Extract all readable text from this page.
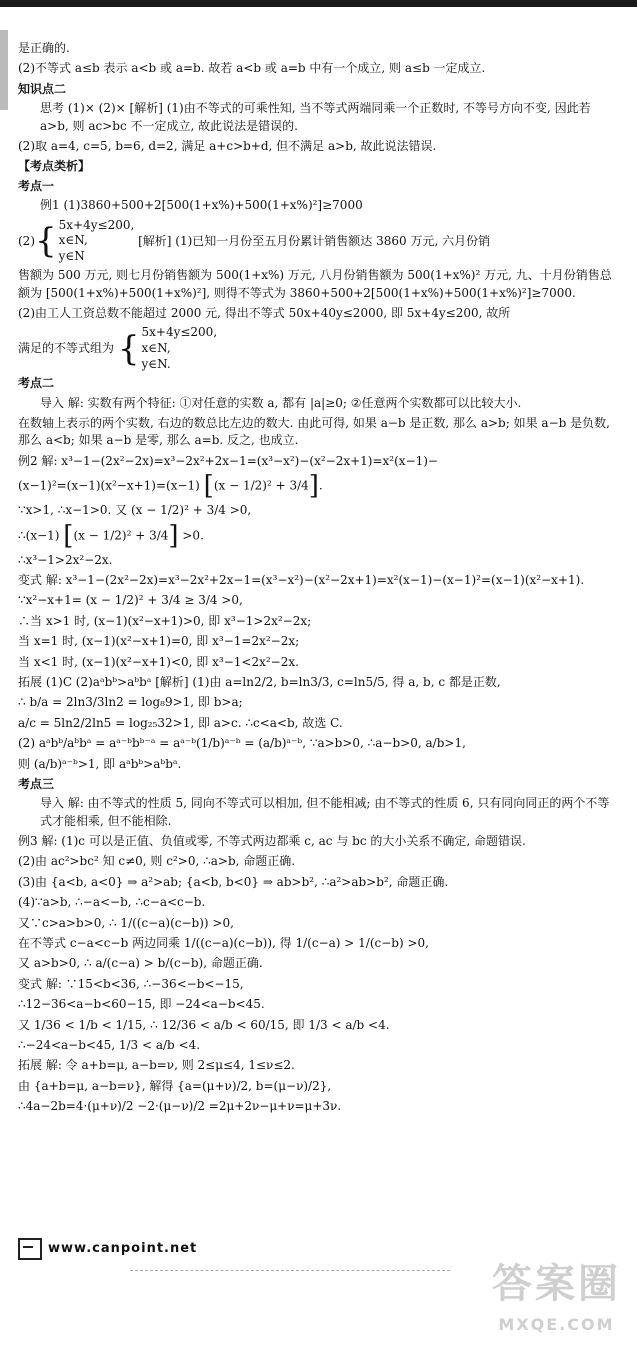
是正确的.
(2)不等式 a≤b 表示 a<b 或 a=b. 故若 a<b 或 a=b 中有一个成立, 则 a≤b 一定成立.
知识点二
思考 (1)× (2)× [解析] (1)由不等式的可乘性知, 当不等式两端同乘一个正数时, 不等号方向不变, 因此若 a>b, 则 ac>bc 不一定成立, 故此说法是错误的.
(2)取 a=4, c=5, b=6, d=2, 满足 a+c>b+d, 但不满足 a>b, 故此说法错误.
【考点类析】
考点一
例1 (1)3860+500+2[500(1+x%)+500(1+x%)²]≥7000
(2) { 5x+4y≤200,
x∈N,
y∈N
[解析] (1)已知一月份至五月份累计销售额达 3860 万元, 六月份销
售额为 500 万元, 则七月份销售额为 500(1+x%) 万元, 八月份销售额为 500(1+x%)² 万元, 九、十月份销售总额为 [500(1+x%)+500(1+x%)²], 则得不等式为 3860+500+2[500(1+x%)+500(1+x%)²]≥7000.
(2)由工人工资总数不能超过 2000 元, 得出不等式 50x+40y≤2000, 即 5x+4y≤200, 故所
满足的不等式组为 { 5x+4y≤200,
x∈N,
y∈N.
考点二
导入 解: 实数有两个特征: ①对任意的实数 a, 都有 |a|≥0; ②任意两个实数都可以比较大小.
在数轴上表示的两个实数, 右边的数总比左边的数大. 由此可得, 如果 a−b 是正数, 那么 a>b; 如果 a−b 是负数, 那么 a<b; 如果 a−b 是零, 那么 a=b. 反之, 也成立.
例2 解: x³−1−(2x²−2x)=x³−2x²+2x−1=(x³−x²)−(x²−2x+1)=x²(x−1)−
(x−1)²=(x−1)(x²−x+1)=(x−1) [(x − 1/2)² + 3/4].
∵x>1, ∴x−1>0. 又 (x − 1/2)² + 3/4 >0,
∴(x−1) [(x − 1/2)² + 3/4] >0.
∴x³−1>2x²−2x.
变式 解: x³−1−(2x²−2x)=x³−2x²+2x−1=(x³−x²)−(x²−2x+1)=x²(x−1)−(x−1)²=(x−1)(x²−x+1).
∵x²−x+1= (x − 1/2)² + 3/4 ≥ 3/4 >0,
∴当 x>1 时, (x−1)(x²−x+1)>0, 即 x³−1>2x²−2x;
当 x=1 时, (x−1)(x²−x+1)=0, 即 x³−1=2x²−2x;
当 x<1 时, (x−1)(x²−x+1)<0, 即 x³−1<2x²−2x.
拓展 (1)C (2)aᵃbᵇ>aᵇbᵃ [解析] (1)由 a=ln2/2, b=ln3/3, c=ln5/5, 得 a, b, c 都是正数,
∴ b/a = 2ln3/3ln2 = log₈9>1, 即 b>a;
a/c = 5ln2/2ln5 = log₂₅32>1, 即 a>c. ∴c<a<b, 故选 C.
(2) aᵃbᵇ/aᵇbᵃ = aᵃ⁻ᵇbᵇ⁻ᵃ = aᵃ⁻ᵇ(1/b)ᵃ⁻ᵇ = (a/b)ᵃ⁻ᵇ, ∵a>b>0, ∴a−b>0, a/b>1,
则 (a/b)ᵃ⁻ᵇ>1, 即 aᵃbᵇ>aᵇbᵃ.
考点三
导入 解: 由不等式的性质 5, 同向不等式可以相加, 但不能相减; 由不等式的性质 6, 只有同向同正的两个不等式才能相乘, 但不能相除.
例3 解: (1)c 可以是正值、负值或零, 不等式两边都乘 c, ac 与 bc 的大小关系不确定, 命题错误.
(2)由 ac²>bc² 知 c≠0, 则 c²>0, ∴a>b, 命题正确.
(3)由 {a<b, a<0} ⇒ a²>ab; {a<b, b<0} ⇒ ab>b², ∴a²>ab>b², 命题正确.
(4)∵a>b, ∴−a<−b, ∴c−a<c−b.
又∵c>a>b>0, ∴ 1/((c−a)(c−b)) >0,
在不等式 c−a<c−b 两边同乘 1/((c−a)(c−b)), 得 1/(c−a) > 1/(c−b) >0,
又 a>b>0, ∴ a/(c−a) > b/(c−b), 命题正确.
变式 解: ∵15<b<36, ∴−36<−b<−15,
∴12−36<a−b<60−15, 即 −24<a−b<45.
又 1/36 < 1/b < 1/15, ∴ 12/36 < a/b < 60/15, 即 1/3 < a/b <4.
∴−24<a−b<45, 1/3 < a/b <4.
拓展 解: 令 a+b=μ, a−b=ν, 则 2≤μ≤4, 1≤ν≤2.
由 {a+b=μ, a−b=ν}, 解得 {a=(μ+ν)/2, b=(μ−ν)/2},
∴4a−2b=4·(μ+ν)/2 −2·(μ−ν)/2 =2μ+2ν−μ+ν=μ+3ν.
www.canpoint.net
答案圈
MXQE.COM
